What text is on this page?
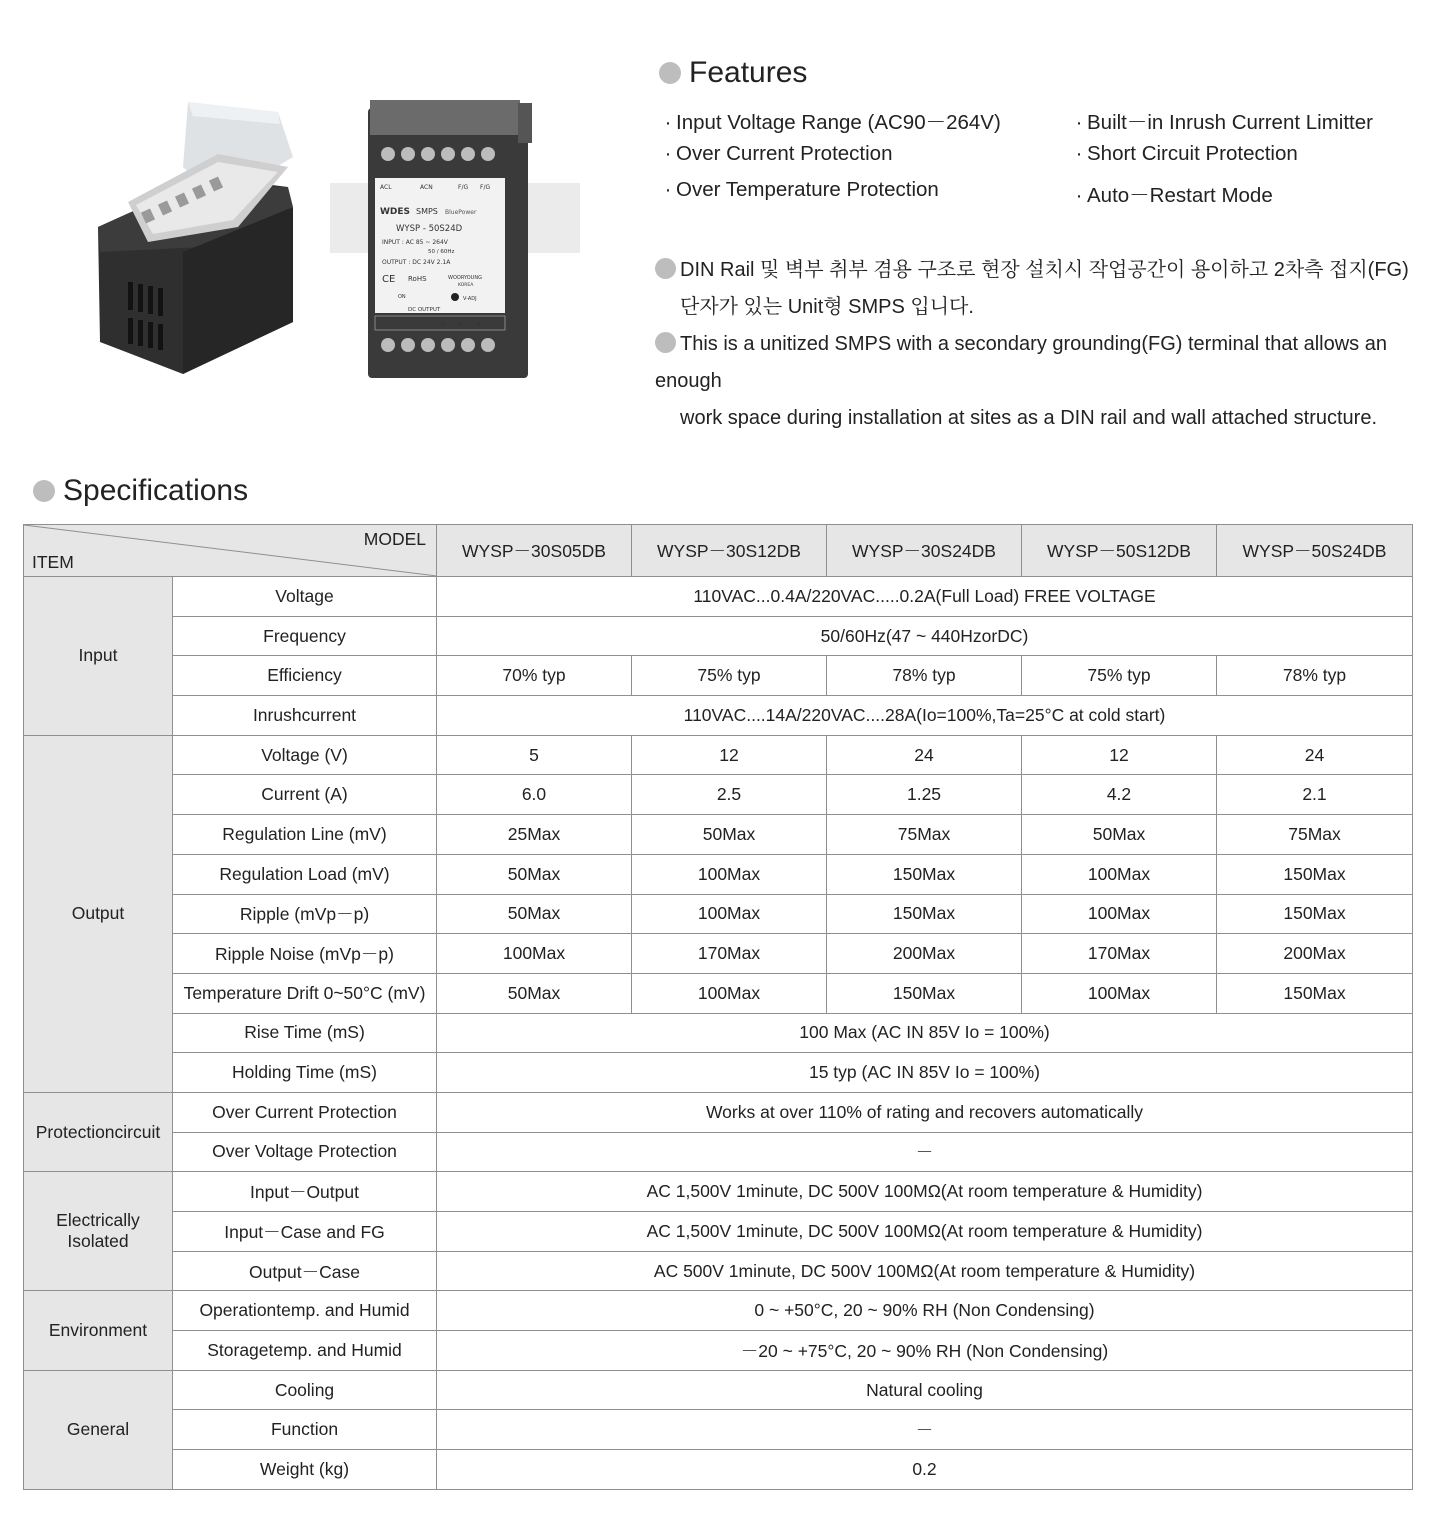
ACL	ACN	F/G F/G
WDES SMPS BluePower
WYSP - 50S24D
INPUT : AC 85 ~ 264V
50 / 60Hz
OUTPUT : DC 24V 2.1A
CE RoHS	WOORYOUNG
KOREA
ON	V-ADJ
DC OUTPUT
－ － － + + +
Features
· Input Voltage Range (AC90－264V)
· Over Current Protection
· Over Temperature Protection
· Built－in Inrush Current Limitter
· Short Circuit Protection
· Auto－Restart Mode
DIN Rail 및 벽부 취부 겸용 구조로 현장 설치시 작업공간이 용이하고 2차측 접지(FG)
단자가 있는 Unit형 SMPS 입니다.
This is a unitized SMPS with a secondary grounding(FG) terminal that allows an enough
work space during installation at sites as a DIN rail and wall attached structure.
Specifications
MODEL
ITEM		WYSP－30S05DB	WYSP－30S12DB	WYSP－30S24DB	WYSP－50S12DB	WYSP－50S24DB
Input	Voltage	110VAC...0.4A/220VAC.....0.2A(Full Load) FREE VOLTAGE				
	Frequency	50/60Hz(47 ~ 440HzorDC)				
	Efficiency	70% typ	75% typ	78% typ	75% typ	78% typ
	Inrushcurrent	110VAC....14A/220VAC....28A(Io=100%,Ta=25°C at cold start)				
Output	Voltage (V)	5	12	24	12	24
	Current (A)	6.0	2.5	1.25	4.2	2.1
	Regulation Line (mV)	25Max	50Max	75Max	50Max	75Max
	Regulation Load (mV)	50Max	100Max	150Max	100Max	150Max
	Ripple (mVp－p)	50Max	100Max	150Max	100Max	150Max
	Ripple Noise (mVp－p)	100Max	170Max	200Max	170Max	200Max
	Temperature Drift 0~50°C (mV)	50Max	100Max	150Max	100Max	150Max
	Rise Time (mS)	100 Max (AC IN 85V Io = 100%)				
	Holding Time (mS)	15 typ (AC IN 85V Io = 100%)				
Protectioncircuit	Over Current Protection	Works at over 110% of rating and recovers automatically				
	Over Voltage Protection	－				

Electrically
Isolated	Input－Output	AC 1,500V 1minute, DC 500V 100MΩ(At room temperature & Humidity)				
	Input－Case and FG	AC 1,500V 1minute, DC 500V 100MΩ(At room temperature & Humidity)				
	Output－Case	AC 500V 1minute, DC 500V 100MΩ(At room temperature & Humidity)				
Environment	Operationtemp. and Humid	0 ~ +50°C, 20 ~ 90% RH (Non Condensing)				
	Storagetemp. and Humid	－20 ~ +75°C, 20 ~ 90% RH (Non Condensing)				
General	Cooling	Natural cooling				
	Function	－				
	Weight (kg)	0.2				
